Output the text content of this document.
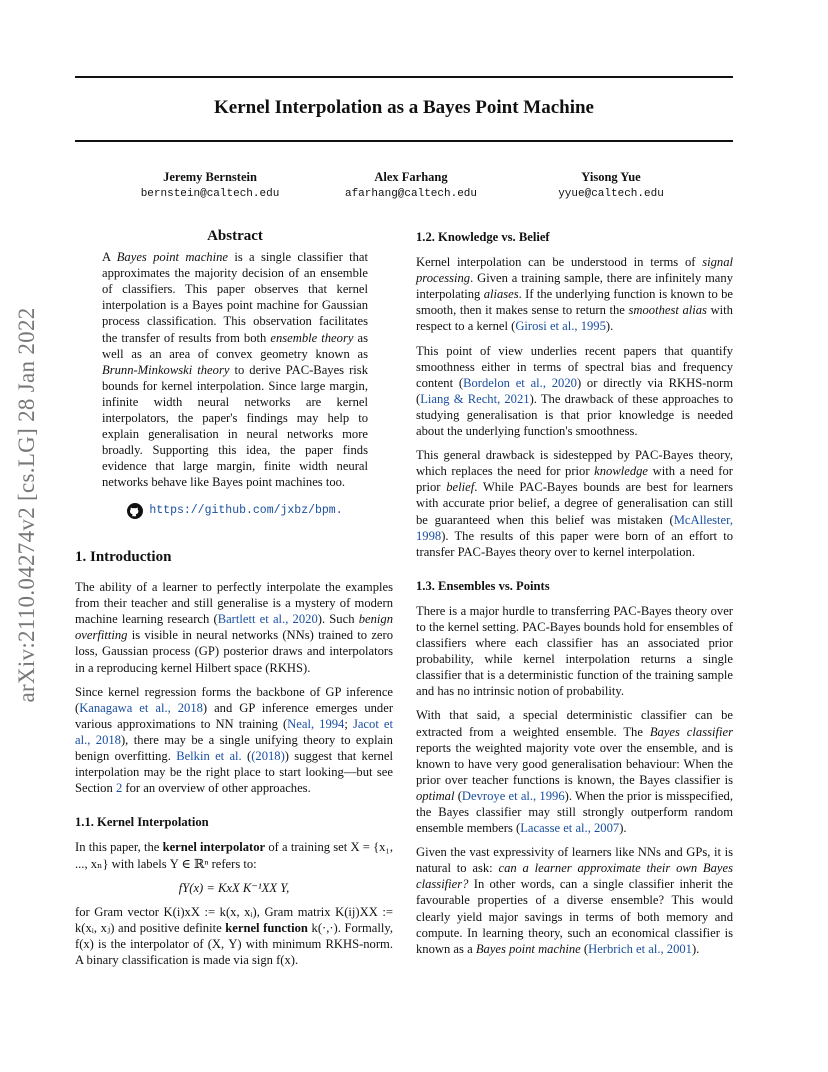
arXiv:2110.04274v2 [cs.LG] 28 Jan 2022
Kernel Interpolation as a Bayes Point Machine
Jeremy Bernstein
bernstein@caltech.edu
Alex Farhang
afarhang@caltech.edu
Yisong Yue
yyue@caltech.edu
Abstract

A Bayes point machine is a single classifier that approximates the majority decision of an ensemble of classifiers. This paper observes that kernel interpolation is a Bayes point machine for Gaussian process classification. This observation facilitates the transfer of results from both ensemble theory as well as an area of convex geometry known as Brunn-Minkowski theory to derive PAC-Bayes risk bounds for kernel interpolation. Since large margin, infinite width neural networks are kernel interpolators, the paper's findings may help to explain generalisation in neural networks more broadly. Supporting this idea, the paper finds evidence that large margin, finite width neural networks behave like Bayes point machines too.

https://github.com/jxbz/bpm.
1. Introduction

The ability of a learner to perfectly interpolate the examples from their teacher and still generalise is a mystery of modern machine learning research (Bartlett et al., 2020). Such benign overfitting is visible in neural networks (NNs) trained to zero loss, Gaussian process (GP) posterior draws and interpolators in a reproducing kernel Hilbert space (RKHS).

Since kernel regression forms the backbone of GP inference (Kanagawa et al., 2018) and GP inference emerges under various approximations to NN training (Neal, 1994; Jacot et al., 2018), there may be a single unifying theory to explain benign overfitting. Belkin et al. ((2018)) suggest that kernel interpolation may be the right place to start looking—but see Section 2 for an overview of other approaches.

1.1. Kernel Interpolation

In this paper, the kernel interpolator of a training set X = {x₁, ..., xₙ} with labels Υ ∈ ℝⁿ refers to:

fΥ(x) = KxX K⁻¹XX Υ,

for Gram vector K(i)xX := k(x, xᵢ), Gram matrix K(ij)XX := k(xᵢ, xⱼ) and positive definite kernel function k(·,·). Formally, f(x) is the interpolator of (X, Υ) with minimum RKHS-norm. A binary classification is made via sign f(x).

1.2. Knowledge vs. Belief

Kernel interpolation can be understood in terms of signal processing. Given a training sample, there are infinitely many interpolating aliases. If the underlying function is known to be smooth, then it makes sense to return the smoothest alias with respect to a kernel (Girosi et al., 1995).

This point of view underlies recent papers that quantify smoothness either in terms of spectral bias and frequency content (Bordelon et al., 2020) or directly via RKHS-norm (Liang & Recht, 2021). The drawback of these approaches to studying generalisation is that prior knowledge is needed about the underlying function's smoothness.

This general drawback is sidestepped by PAC-Bayes theory, which replaces the need for prior knowledge with a need for prior belief. While PAC-Bayes bounds are best for learners with accurate prior belief, a degree of generalisation can still be guaranteed when this belief was mistaken (McAllester, 1998). The results of this paper were born of an effort to transfer PAC-Bayes theory over to kernel interpolation.

1.3. Ensembles vs. Points

There is a major hurdle to transferring PAC-Bayes theory over to the kernel setting. PAC-Bayes bounds hold for ensembles of classifiers where each classifier has an associated prior probability, while kernel interpolation returns a single classifier that is a deterministic function of the training sample and has no intrinsic notion of probability.

With that said, a special deterministic classifier can be extracted from a weighted ensemble. The Bayes classifier reports the weighted majority vote over the ensemble, and is known to have very good generalisation behaviour: When the prior over teacher functions is known, the Bayes classifier is optimal (Devroye et al., 1996). When the prior is misspecified, the Bayes classifier may still strongly outperform random ensemble members (Lacasse et al., 2007).

Given the vast expressivity of learners like NNs and GPs, it is natural to ask: can a learner approximate their own Bayes classifier? In other words, can a single classifier inherit the favourable properties of a diverse ensemble? This would clearly yield major savings in terms of both memory and compute. In learning theory, such an economical classifier is known as a Bayes point machine (Herbrich et al., 2001).
